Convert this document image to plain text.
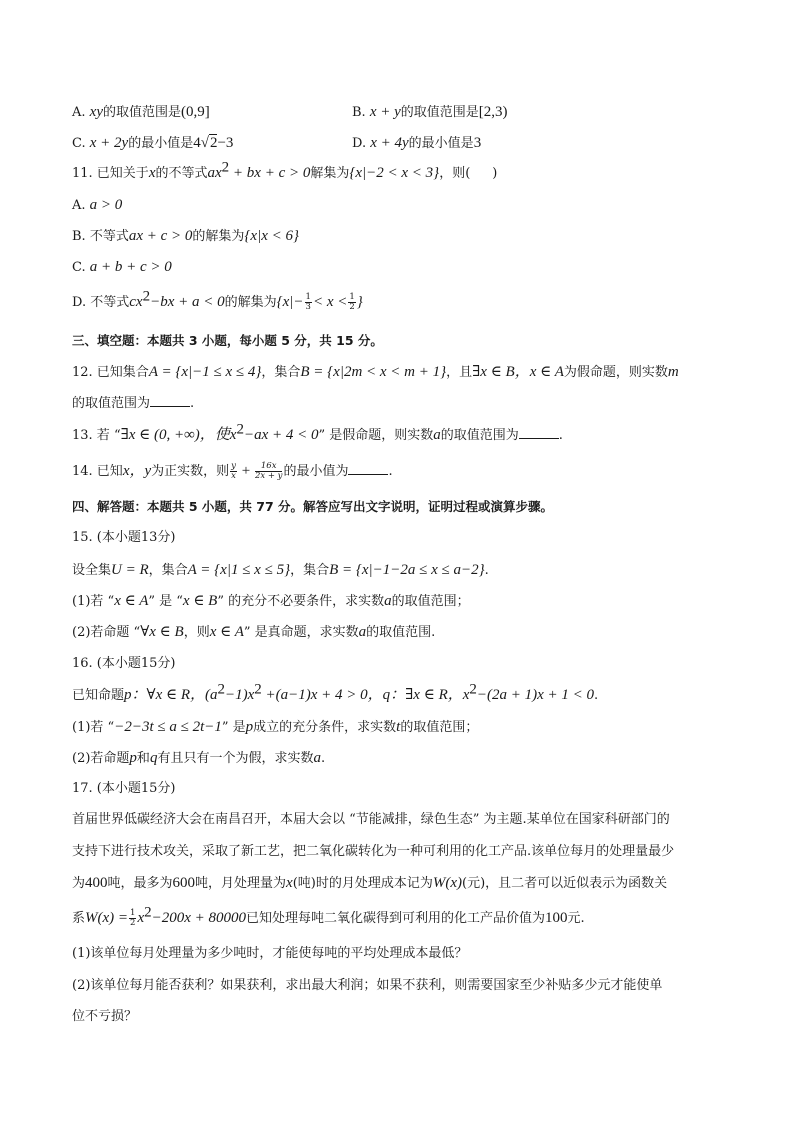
A. xy的取值范围是(0,9]	B. x + y的取值范围是[2,3)
C. x + 2y的最小值是4√2−3	D. x + 4y的最小值是3
11. 已知关于x的不等式$ax^2$ + bx + c > 0解集为{x|−2 < x < 3}，则( )
A. a > 0
B. 不等式ax + c > 0的解集为{x|x < 6}
C. a + b + c > 0
D. 不等式$cx^2-bx + a < 0$的解集为{$x|- \frac{1}{3} < x < \frac{1}{2}$ }
三、填空题：本题共 3 小题，每小题 5 分，共 15 分。
12. 已知集合A = {x|−1 ≤ x ≤ 4}，集合B = {x|2m < x < m + 1}，且∃x ∈ B，x ∈ A为假命题，则实数m
的取值范围为	.
13. 若 “∃x ∈ (0, +∞)，使$x^2-ax + 4 < 0$” 是假命题，则实数a的取值范围为	.
14. 已知x，y为正实数，则 $\frac{y}{x} + \frac{16x}{2x + y}$ 的最小值为	.
四、解答题：本题共 5 小题，共 77 分。解答应写出文字说明，证明过程或演算步骤。
15. (本小题13分)
设全集U = R，集合A = {x|1 ≤ x ≤ 5}，集合B = {x|−1−2a ≤ x ≤ a−2}.
(1)若 “x ∈ A” 是 “x ∈ B” 的充分不必要条件，求实数a的取值范围；
(2)若命题 “∀x ∈ B，则x ∈ A” 是真命题，求实数a的取值范围.
16. (本小题15分)
已知命题p：∀x ∈ R，$(a^2-1)x^2 +(a-1)x + 4 > 0$，q：∃x ∈ R，$x^2-(2a + 1)x + 1 < 0$.
(1)若 “−2−3t ≤ a ≤ 2t−1” 是p成立的充分条件，求实数t的取值范围；
(2)若命题p和q有且只有一个为假，求实数a.
17. (本小题15分)
首届世界低碳经济大会在南昌召开，本届大会以 “节能减排，绿色生态” 为主题.某单位在国家科研部门的
支持下进行技术攻关，采取了新工艺，把二氧化碳转化为一种可利用的化工产品.该单位每月的处理量最少
为400吨，最多为600吨，月处理量为x(吨)时的月处理成本记为W(x)(元)，且二者可以近似表示为函数关
系$W(x) = \frac{1}{2} x^2-200x + 80000$已知处理每吨二氧化碳得到可利用的化工产品价值为100元.
(1)该单位每月处理量为多少吨时，才能使每吨的平均处理成本最低？
(2)该单位每月能否获利？如果获利，求出最大利润；如果不获利，则需要国家至少补贴多少元才能使单
位不亏损？
